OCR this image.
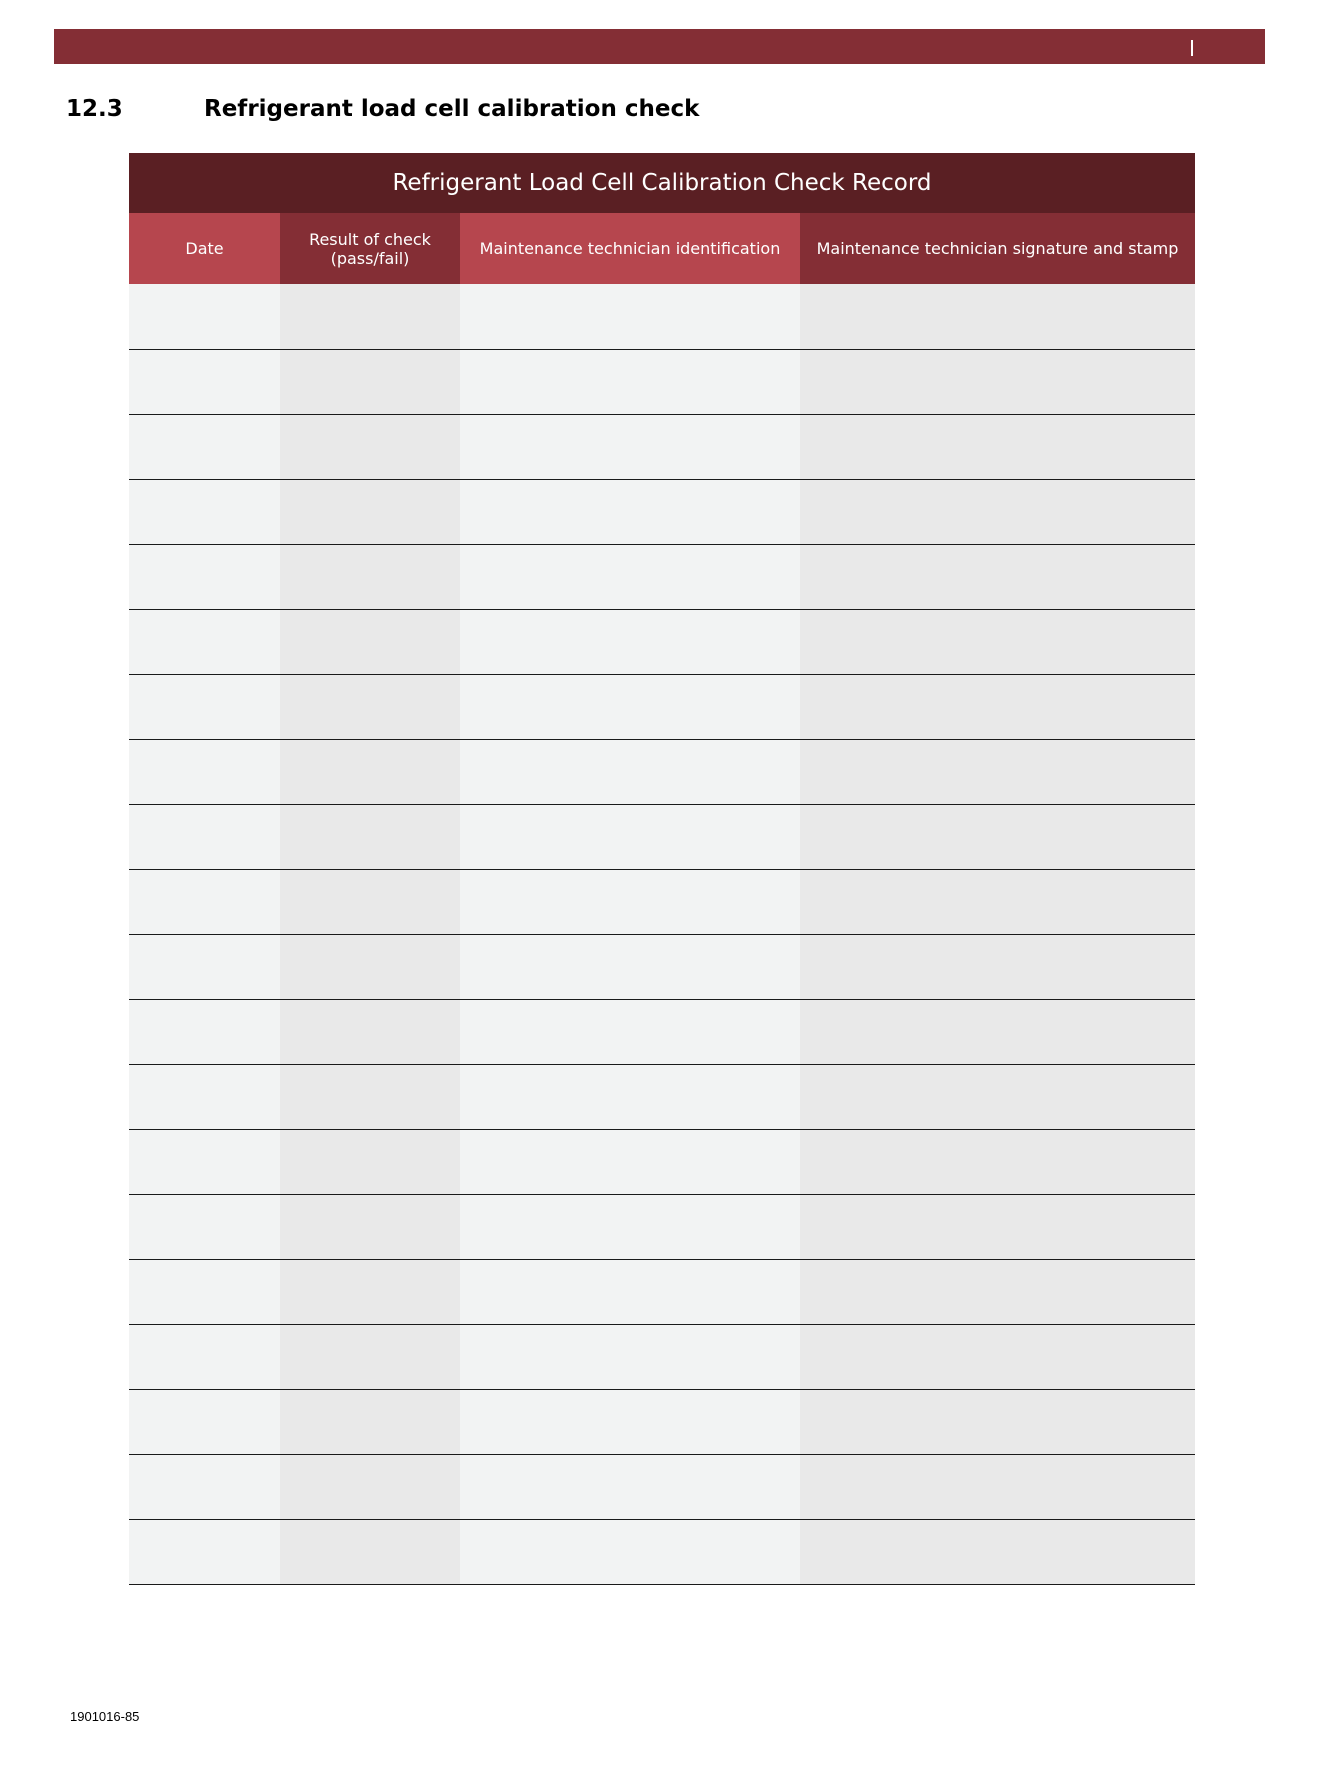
12.3	Refrigerant load cell calibration check
Refrigerant Load Cell Calibration Check Record
Date	Result of check (pass/fail)	Maintenance technician identification	Maintenance technician signature and stamp

1901016-85
